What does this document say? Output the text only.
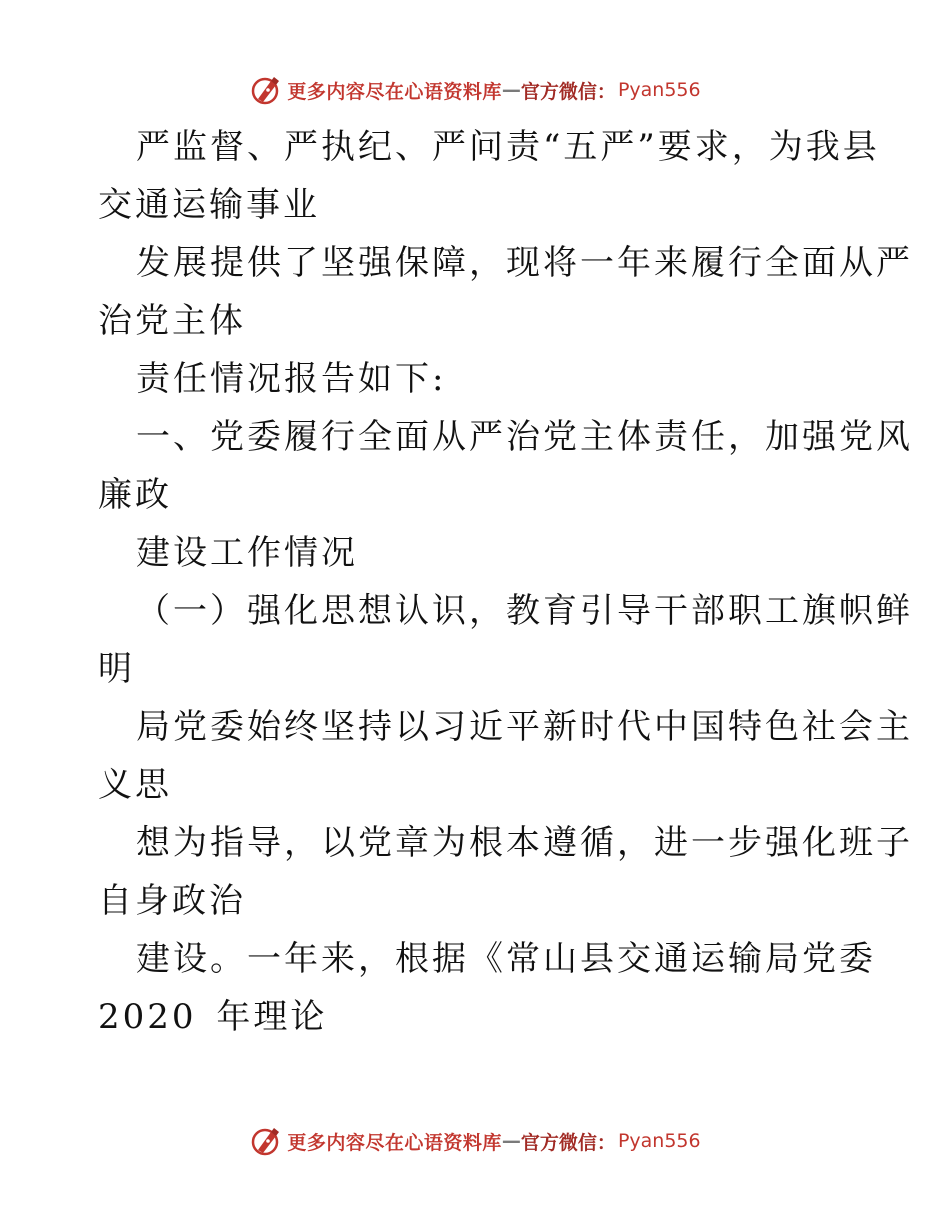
更多内容尽在心语资料库 — 官方微信： Pyan556
严监督、严执纪、严问责“五严”要求，为我县
交通运输事业
发展提供了坚强保障，现将一年来履行全面从严
治党主体
责任情况报告如下:
一、党委履行全面从严治党主体责任，加强党风
廉政
建设工作情况
（一）强化思想认识，教育引导干部职工旗帜鲜
明
局党委始终坚持以习近平新时代中国特色社会主
义思
想为指导，以党章为根本遵循，进一步强化班子
自身政治
建设。一年来，根据《常山县交通运输局党委
2020 年理论
更多内容尽在心语资料库 — 官方微信： Pyan556
